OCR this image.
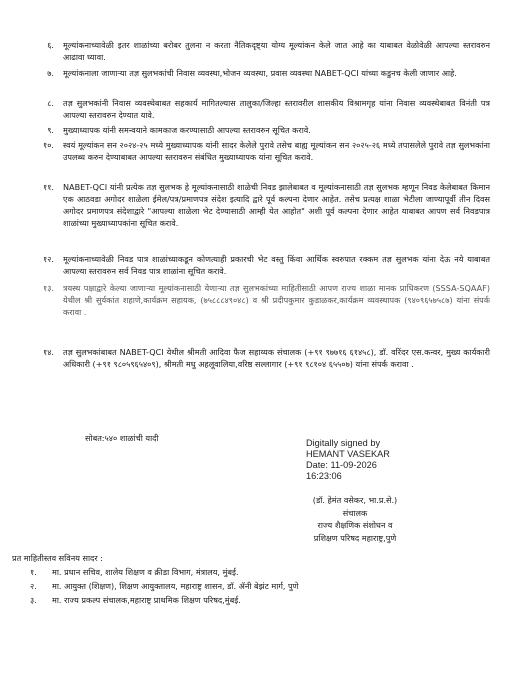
६. मूल्यांकनाच्यावेळी इतर शाळांच्या बरोबर तुलना न करता नैतिकदृष्ट्या योग्य मूल्यांकन केले जात आहे का याबाबत वेळोवेळी आपल्या स्तरावरुन आढावा घ्यावा.
७. मूल्यांकनाला जाणाऱ्या तज्ञ सुलभकांची निवास व्यवस्था,भोजन व्यवस्था, प्रवास व्यवस्था NABET-QCI यांच्या कडुनच केली जाणार आहे.
८. तज्ञ सुलभकांनी निवास व्यवस्थेबाबत सहकार्य मागितल्यास तालुका/जिल्हा स्तरावरील शासकीय विश्रामगृह यांना निवास व्यवस्थेबाबत विनंती पत्र आपल्या स्तरावरुन देण्यात यावे.
९. मुख्याध्यापक यांनी समन्वयाने कामकाज करण्यासाठी आपल्या स्तरावरुन सूचित करावे.
१०. स्वयं मूल्यांकन सन २०२४-२५ मध्ये मुख्याध्यापक यांनी सादर केलेले पुरावे तसेच बाह्य मूल्यांकन सन २०२५-२६ मध्ये तपासलेले पुरावे तज्ञ सुलभकांना उपलब्ध करुन देण्याबाबत आपल्या स्तरावरुन संबंधित मुख्याध्यापक यांना सूचित करावे.
११. NABET-QCI यांनी प्रत्येक तज्ञ सुलभक हे मूल्यांकनासाठी शाळेची निवड झालेबाबत व मूल्यांकनासाठी तज्ञ सुलभक म्हणून निवड केलेबाबत किमान एक आठवडा अगोदर शाळेला ईमेल/पत्र/प्रमाणपत्र संदेश इत्यादि द्वारे पूर्व कल्पना देणार आहेत. तसेच प्रत्यक्ष शाळा भेटीला जाण्यापूर्वी तीन दिवस अगोदर प्रमाणपत्र संदेशाद्वारे "आपल्या शाळेला भेट देण्यासाठी आम्ही येत आहोत" अशी पूर्व कल्पना देणार आहेत याबाबत आपण सर्व निवडपात्र शाळांच्या मुख्याध्यापकांना सूचित करावे.
१२. मूल्यांकनाच्यावेळी निवड पात्र शाळांच्याकडून कोणत्याही प्रकारची भेट वस्तु किंवा आर्थिक स्वरुपात रक्कम तज्ञ सुलभक यांना देऊ नये याबाबत आपल्या स्तरावरुन सर्व निवड पात्र शाळांना सूचित करावे.
१३. त्रयस्थ पक्षाद्वारे केल्या जाणाऱ्या मूल्यांकनासाठी येणाऱ्या तज्ञ सुलभकांच्या माहितीसाठी आपण राज्य शाळा मानक प्राधिकरण (SSSA-SQAAF) येथील श्री सुर्यकांत शहाणे,कार्यक्रम सहायक, (७५८८८४९०४८) व श्री प्रदीपकुमार कुडाळकर,कार्यक्रम व्यवस्थापक (९४०९६५७५८७) यांना संपर्क करावा .
१४. तज्ञ सुलभकांबाबत NABET-QCI येथील श्रीमती आदिवा फैज सहाय्यक संचालक (+९१ ९७७१६ ६१४५८), डॉ. वरिंदर एस.कन्वर, मुख्य कार्यकारी अधिकारी (+९१ ९८०५९६५४०९), श्रीमती मधु अहलूवालिया,वरिष्ठ सल्लागार (+९१ ९८१०४ ६५५०७) यांना संपर्क करावा .
सोबत:५४० शाळांची यादी	Digitally signed by
HEMANT VASEKAR
Date: 11-09-2026
16:23:06
(डॉ. हेमंत वसेकर, भा.प्र.से.)
संचालक
राज्य शैक्षणिक संशोधन व
प्रशिक्षण परिषद महाराष्ट्र,पुणे
प्रत माहितीस्तव सविनय सादर :
१. मा. प्रधान सचिव, शालेय शिक्षण व क्रीडा विभाग, मंत्रालय, मुंबई.
२. मा. आयुक्त (शिक्षण), शिक्षण आयुक्तालय, महाराष्ट्र शासन, डॉ. ॲनी बेझंट मार्ग, पुणे
३. मा. राज्य प्रकल्प संचालक,महाराष्ट्र प्राथमिक शिक्षण परिषद,मुंबई.
